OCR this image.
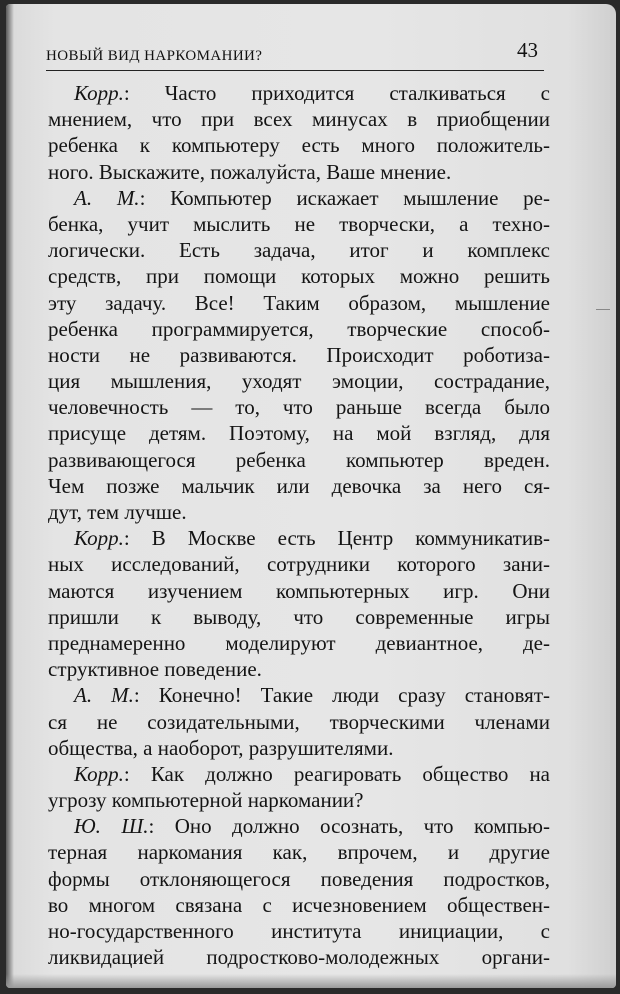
НОВЫЙ ВИД НАРКОМАНИИ?	43
Корр.: Часто приходится сталкиваться с
мнением, что при всех минусах в приобщении
ребенка к компьютеру есть много положитель-
ного. Выскажите, пожалуйста, Ваше мнение.
А. М.: Компьютер искажает мышление ре-
бенка, учит мыслить не творчески, а техно-
логически. Есть задача, итог и комплекс
средств, при помощи которых можно решить
эту задачу. Все! Таким образом, мышление
ребенка программируется, творческие способ-
ности не развиваются. Происходит роботиза-
ция мышления, уходят эмоции, сострадание,
человечность — то, что раньше всегда было
присуще детям. Поэтому, на мой взгляд, для
развивающегося ребенка компьютер вреден.
Чем позже мальчик или девочка за него ся-
дут, тем лучше.
Корр.: В Москве есть Центр коммуникатив-
ных исследований, сотрудники которого зани-
маются изучением компьютерных игр. Они
пришли к выводу, что современные игры
преднамеренно моделируют девиантное, де-
структивное поведение.
А. М.: Конечно! Такие люди сразу становят-
ся не созидательными, творческими членами
общества, а наоборот, разрушителями.
Корр.: Как должно реагировать общество на
угрозу компьютерной наркомании?
Ю. Ш.: Оно должно осознать, что компью-
терная наркомания как, впрочем, и другие
формы отклоняющегося поведения подростков,
во многом связана с исчезновением обществен-
но-государственного института инициации, с
ликвидацией подростково-молодежных органи-
